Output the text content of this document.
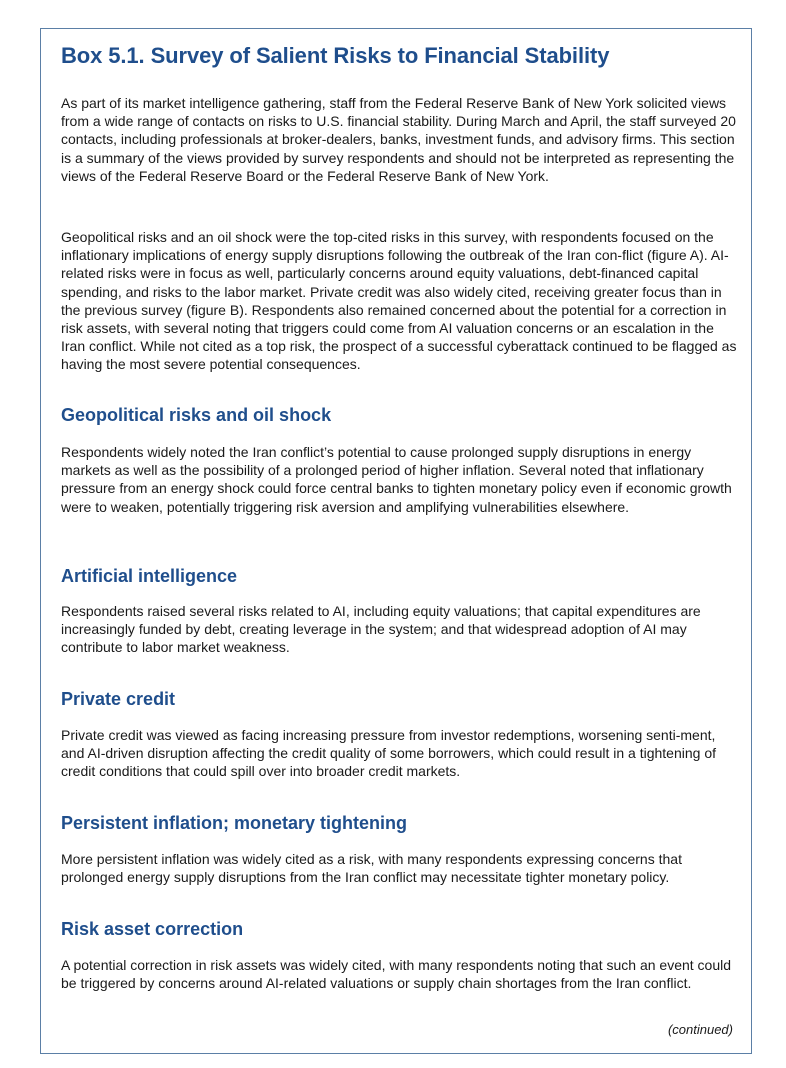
Box 5.1. Survey of Salient Risks to Financial Stability

As part of its market intelligence gathering, staff from the Federal Reserve Bank of New York solicited views from a wide range of contacts on risks to U.S. financial stability. During March and April, the staff surveyed 20 contacts, including professionals at broker-dealers, banks, investment funds, and advisory firms. This section is a summary of the views provided by survey respondents and should not be interpreted as representing the views of the Federal Reserve Board or the Federal Reserve Bank of New York.

Geopolitical risks and an oil shock were the top-cited risks in this survey, with respondents focused on the inflationary implications of energy supply disruptions following the outbreak of the Iran con-flict (figure A). AI-related risks were in focus as well, particularly concerns around equity valuations, debt-financed capital spending, and risks to the labor market. Private credit was also widely cited, receiving greater focus than in the previous survey (figure B). Respondents also remained concerned about the potential for a correction in risk assets, with several noting that triggers could come from AI valuation concerns or an escalation in the Iran conflict. While not cited as a top risk, the prospect of a successful cyberattack continued to be flagged as having the most severe potential consequences.

Geopolitical risks and oil shock

Respondents widely noted the Iran conflict’s potential to cause prolonged supply disruptions in energy markets as well as the possibility of a prolonged period of higher inflation. Several noted that inflationary pressure from an energy shock could force central banks to tighten monetary policy even if economic growth were to weaken, potentially triggering risk aversion and amplifying vulnerabilities elsewhere.

Artificial intelligence

Respondents raised several risks related to AI, including equity valuations; that capital expenditures are increasingly funded by debt, creating leverage in the system; and that widespread adoption of AI may contribute to labor market weakness.

Private credit

Private credit was viewed as facing increasing pressure from investor redemptions, worsening senti-ment, and AI-driven disruption affecting the credit quality of some borrowers, which could result in a tightening of credit conditions that could spill over into broader credit markets.

Persistent inflation; monetary tightening

More persistent inflation was widely cited as a risk, with many respondents expressing concerns that prolonged energy supply disruptions from the Iran conflict may necessitate tighter monetary policy.

Risk asset correction

A potential correction in risk assets was widely cited, with many respondents noting that such an event could be triggered by concerns around AI-related valuations or supply chain shortages from the Iran conflict.

(continued)
